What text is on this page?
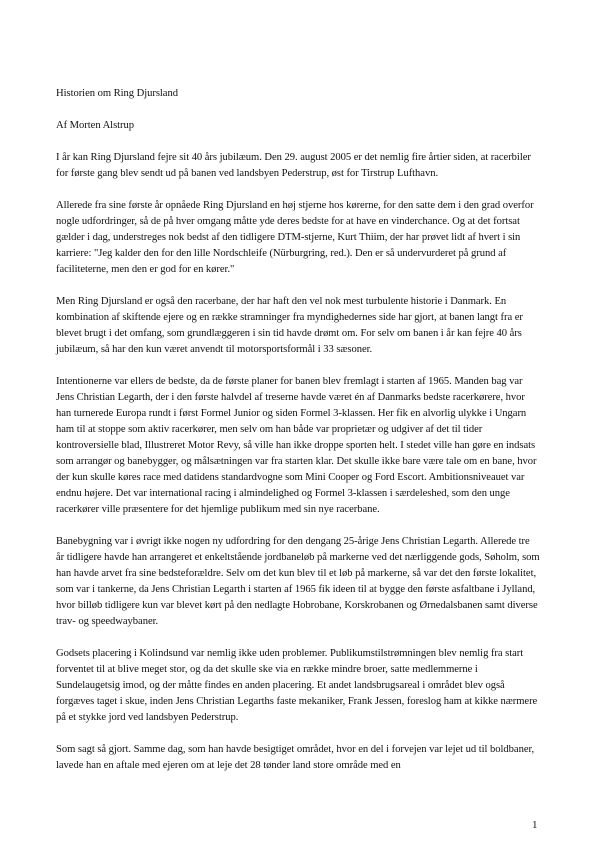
Historien om Ring Djursland

Af Morten Alstrup

I år kan Ring Djursland fejre sit 40 års jubilæum. Den 29. august 2005 er det nemlig fire årtier siden, at racerbiler for første gang blev sendt ud på banen ved landsbyen Pederstrup, øst for Tirstrup Lufthavn.

Allerede fra sine første år opnåede Ring Djursland en høj stjerne hos kørerne, for den satte dem i den grad overfor nogle udfordringer, så de på hver omgang måtte yde deres bedste for at have en vinderchance. Og at det fortsat gælder i dag, understreges nok bedst af den tidligere DTM-stjerne, Kurt Thiim, der har prøvet lidt af hvert i sin karriere: "Jeg kalder den for den lille Nordschleife (Nürburgring, red.). Den er så undervurderet på grund af faciliteterne, men den er god for en kører."

Men Ring Djursland er også den racerbane, der har haft den vel nok mest turbulente historie i Danmark. En kombination af skiftende ejere og en række stramninger fra myndighedernes side har gjort, at banen langt fra er blevet brugt i det omfang, som grundlæggeren i sin tid havde drømt om. For selv om banen i år kan fejre 40 års jubilæum, så har den kun været anvendt til motorsportsformål i 33 sæsoner.

Intentionerne var ellers de bedste, da de første planer for banen blev fremlagt i starten af 1965. Manden bag var Jens Christian Legarth, der i den første halvdel af treserne havde været én af Danmarks bedste racerkørere, hvor han turnerede Europa rundt i først Formel Junior og siden Formel 3-klassen. Her fik en alvorlig ulykke i Ungarn ham til at stoppe som aktiv racerkører, men selv om han både var proprietær og udgiver af det til tider kontroversielle blad, Illustreret Motor Revy, så ville han ikke droppe sporten helt. I stedet ville han gøre en indsats som arrangør og banebygger, og målsætningen var fra starten klar. Det skulle ikke bare være tale om en bane, hvor der kun skulle køres race med datidens standardvogne som Mini Cooper og Ford Escort. Ambitionsniveauet var endnu højere. Det var international racing i almindelighed og Formel 3-klassen i særdeleshed, som den unge racerkører ville præsentere for det hjemlige publikum med sin nye racerbane.

Banebygning var i øvrigt ikke nogen ny udfordring for den dengang 25-årige Jens Christian Legarth. Allerede tre år tidligere havde han arrangeret et enkeltstående jordbaneløb på markerne ved det nærliggende gods, Søholm, som han havde arvet fra sine bedsteforældre. Selv om det kun blev til et løb på markerne, så var det den første lokalitet, som var i tankerne, da Jens Christian Legarth i starten af 1965 fik ideen til at bygge den første asfaltbane i Jylland, hvor billøb tidligere kun var blevet kørt på den nedlagte Hobrobane, Korskrobanen og Ørnedalsbanen samt diverse trav- og speedwaybaner.

Godsets placering i Kolindsund var nemlig ikke uden problemer. Publikumstilstrømningen blev nemlig fra start forventet til at blive meget stor, og da det skulle ske via en række mindre broer, satte medlemmerne i Sundelaugetsig imod, og der måtte findes en anden placering. Et andet landsbrugsareal i området blev også forgæves taget i skue, inden Jens Christian Legarths faste mekaniker, Frank Jessen, foreslog ham at kikke nærmere på et stykke jord ved landsbyen Pederstrup.

Som sagt så gjort. Samme dag, som han havde besigtiget området, hvor en del i forvejen var lejet ud til boldbaner, lavede han en aftale med ejeren om at leje det 28 tønder land store område med en

1
